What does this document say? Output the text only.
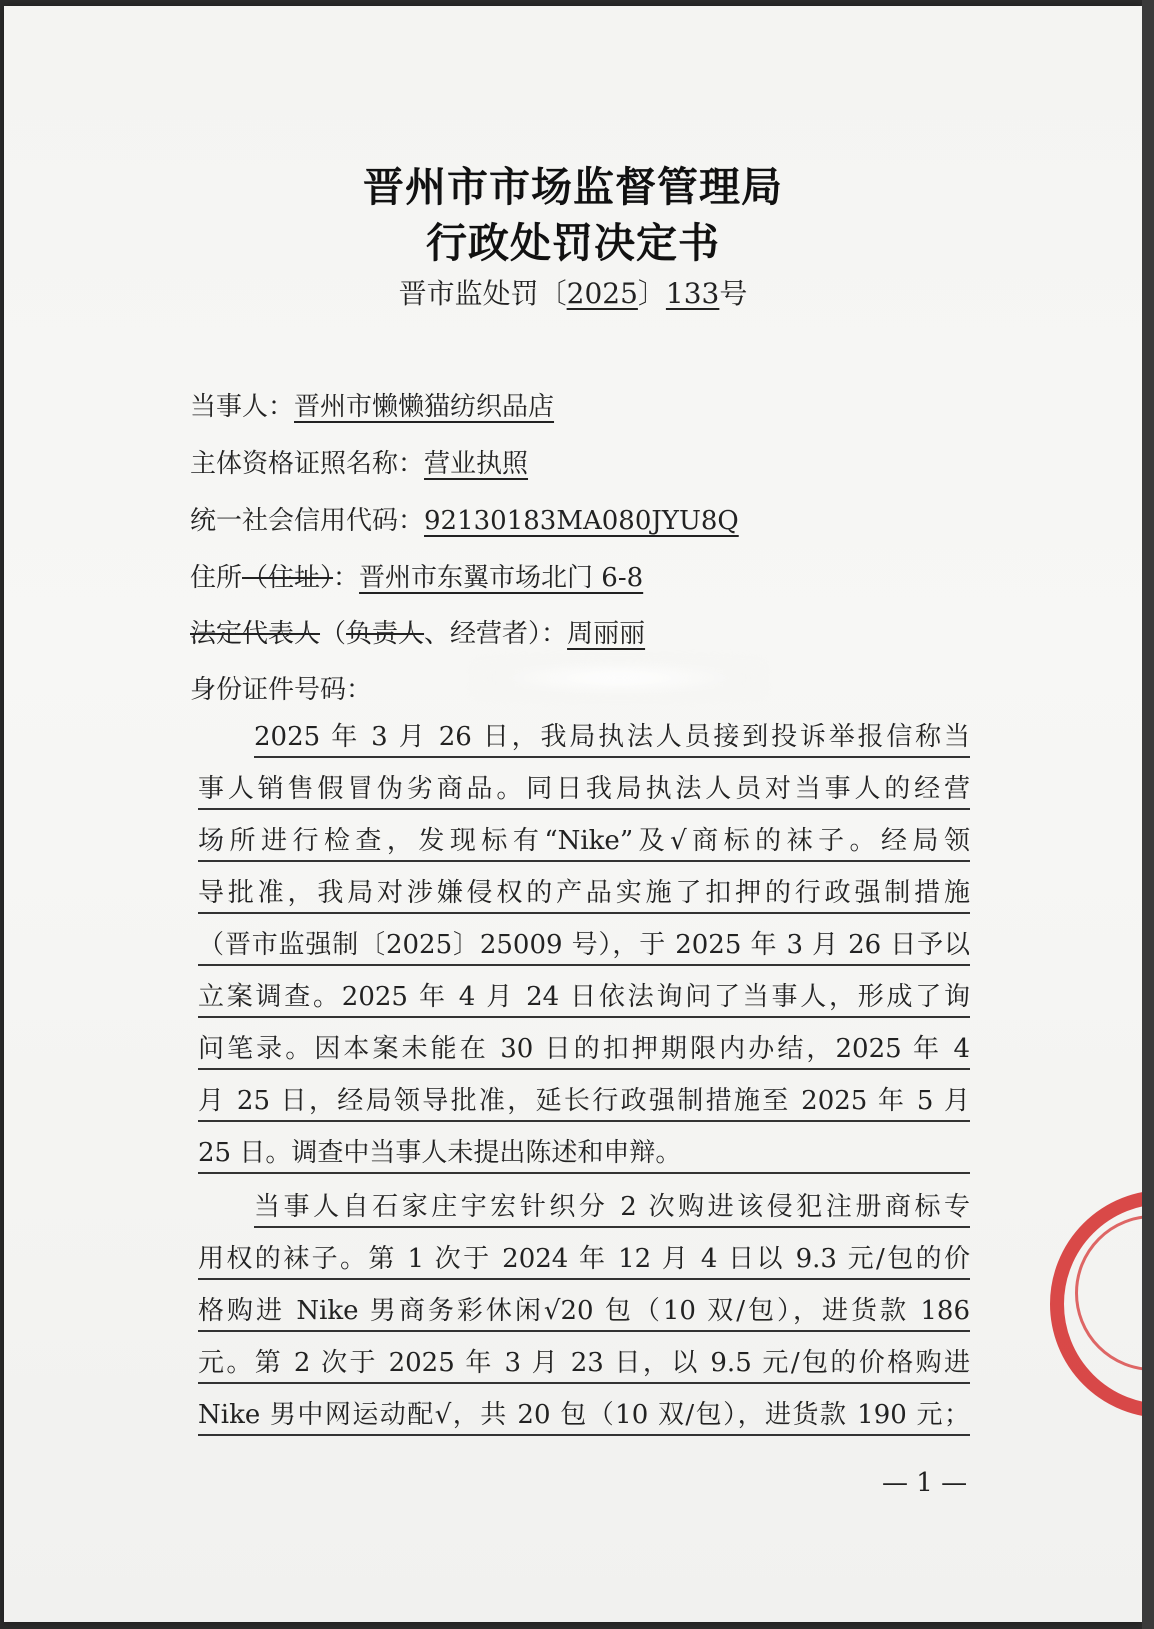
晋州市市场监督管理局
行政处罚决定书
晋市监处罚〔2025〕133号
当事人：晋州市懒懒猫纺织品店
主体资格证照名称：营业执照
统一社会信用代码：92130183MA080JYU8Q
住所（住址）：晋州市东翼市场北门 6-8
法定代表人（负责人、经营者）：周丽丽
身份证件号码：
2025 年 3 月 26 日，我局执法人员接到投诉举报信称当
事人销售假冒伪劣商品。同日我局执法人员对当事人的经营
场所进行检查，发现标有“Nike”及√商标的袜子。经局领
导批准，我局对涉嫌侵权的产品实施了扣押的行政强制措施
（晋市监强制〔2025〕25009 号），于 2025 年 3 月 26 日予以
立案调查。2025 年 4 月 24 日依法询问了当事人，形成了询
问笔录。因本案未能在 30 日的扣押期限内办结，2025 年 4
月 25 日，经局领导批准，延长行政强制措施至 2025 年 5 月
25 日。调查中当事人未提出陈述和申辩。
当事人自石家庄宇宏针织分 2 次购进该侵犯注册商标专
用权的袜子。第 1 次于 2024 年 12 月 4 日以 9.3 元/包的价
格购进 Nike 男商务彩休闲√20 包（10 双/包），进货款 186
元。第 2 次于 2025 年 3 月 23 日，以 9.5 元/包的价格购进
Nike 男中网运动配√，共 20 包（10 双/包），进货款 190 元；
— 1 —
